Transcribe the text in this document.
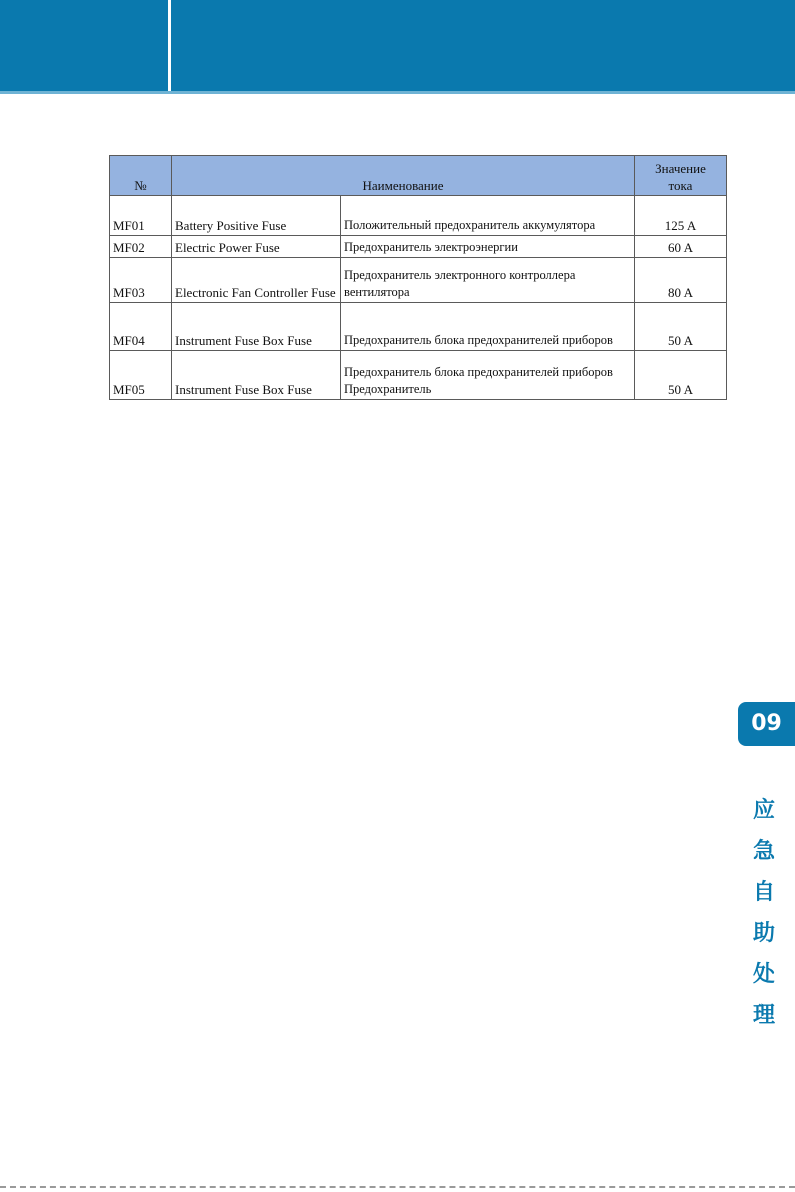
№	Наименование		Значение
тока
MF01	Battery Positive Fuse	Положительный предохранитель аккумулятора	125 A
MF02	Electric Power Fuse	Предохранитель электроэнергии	60 A
MF03	Electronic Fan Controller Fuse	Предохранитель электронного контроллера вентилятора	80 A
MF04	Instrument Fuse Box Fuse	Предохранитель блока предохранителей приборов	50 A
MF05	Instrument Fuse Box Fuse	Предохранитель блока предохранителей приборов Предохранитель	50 A
09
应
急
自
助
处
理
